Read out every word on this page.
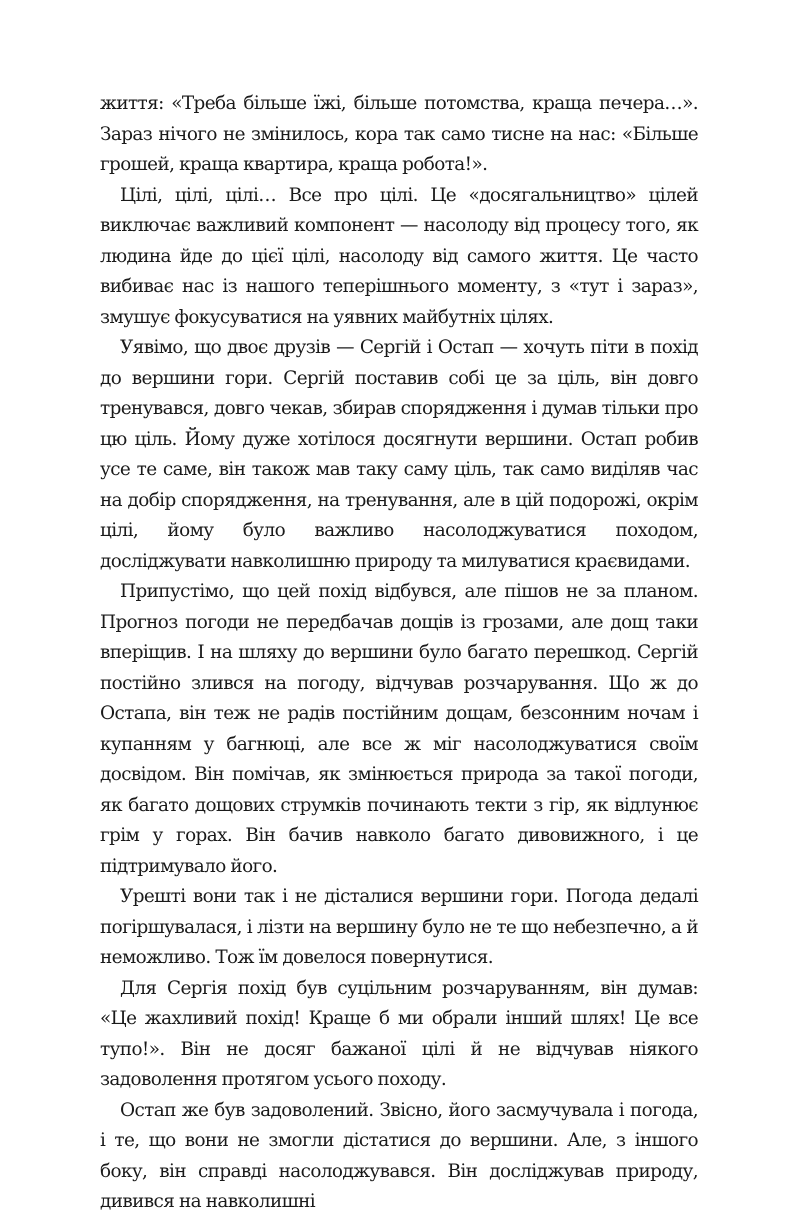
життя: «Треба більше їжі, більше потомства, краща печера…». Зараз нічого не змінилось, кора так само тисне на нас: «Більше грошей, краща квартира, краща робота!».

Цілі, цілі, цілі… Все про цілі. Це «досягальництво» цілей виключає важливий компонент — насолоду від процесу того, як людина йде до цієї цілі, насолоду від самого життя. Це часто вибиває нас із нашого теперішнього моменту, з «тут і зараз», змушує фокусуватися на уявних майбутніх цілях.

Уявімо, що двоє друзів — Сергій і Остап — хочуть піти в похід до вершини гори. Сергій поставив собі це за ціль, він довго тренувався, довго чекав, збирав спорядження і думав тільки про цю ціль. Йому дуже хотілося досягнути вершини. Остап робив усе те саме, він також мав таку саму ціль, так само виділяв час на добір спорядження, на тренування, але в цій подорожі, окрім цілі, йому було важливо насолоджуватися походом, досліджувати навколишню природу та милуватися краєвидами.

Припустімо, що цей похід відбувся, але пішов не за планом. Прогноз погоди не передбачав дощів із грозами, але дощ таки вперіщив. І на шляху до вершини було багато перешкод. Сергій постійно злився на погоду, відчував розчарування. Що ж до Остапа, він теж не радів постійним дощам, безсонним ночам і купанням у багнюці, але все ж міг насолоджуватися своїм досвідом. Він помічав, як змінюється природа за такої погоди, як багато дощових струмків починають текти з гір, як відлунює грім у горах. Він бачив навколо багато дивовижного, і це підтримувало його.

Урешті вони так і не дісталися вершини гори. Погода дедалі погіршувалася, і лізти на вершину було не те що небезпечно, а й неможливо. Тож їм довелося повернутися.

Для Сергія похід був суцільним розчаруванням, він думав: «Це жахливий похід! Краще б ми обрали інший шлях! Це все тупо!». Він не досяг бажаної цілі й не відчував ніякого задоволення протягом усього походу.

Остап же був задоволений. Звісно, його засмучувала і погода, і те, що вони не змогли дістатися до вершини. Але, з іншого боку, він справді насолоджувався. Він досліджував природу, дивився на навколишні
